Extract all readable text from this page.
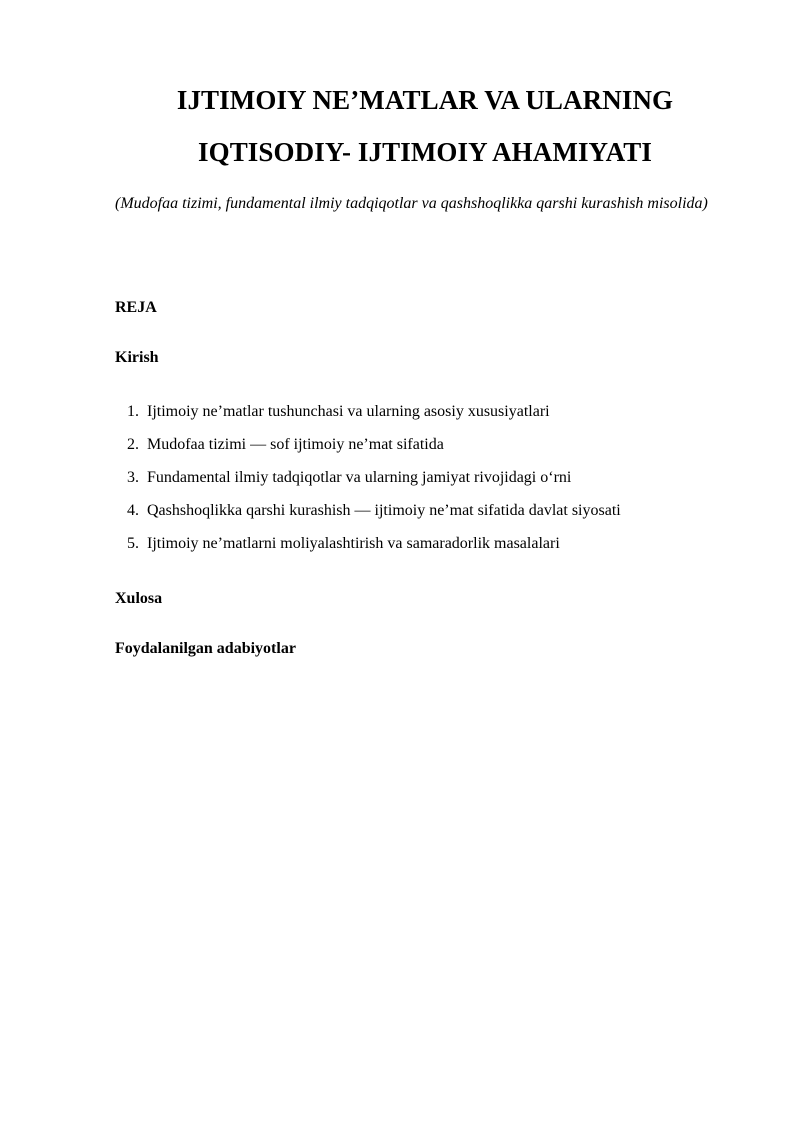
IJTIMOIY NE’MATLAR VA ULARNING
IQTISODIY- IJTIMOIY AHAMIYATI

(Mudofaa tizimi, fundamental ilmiy tadqiqotlar va qashshoqlikka qarshi kurashish misolida)

REJA

Kirish

1. Ijtimoiy ne’matlar tushunchasi va ularning asosiy xususiyatlari
2. Mudofaa tizimi — sof ijtimoiy ne’mat sifatida
3. Fundamental ilmiy tadqiqotlar va ularning jamiyat rivojidagi o‘rni
4. Qashshoqlikka qarshi kurashish — ijtimoiy ne’mat sifatida davlat siyosati
5. Ijtimoiy ne’matlarni moliyalashtirish va samaradorlik masalalari

Xulosa

Foydalanilgan adabiyotlar
